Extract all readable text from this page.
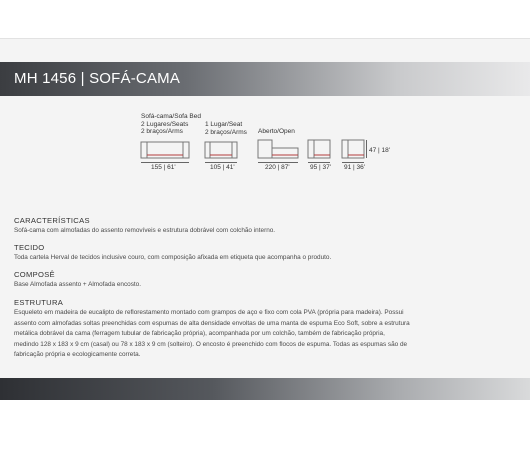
MH 1456 | SOFÁ-CAMA
Sofá-cama/Sofa Bed
2 Lugares/Seats
2 braços/Arms
155 | 61'
1 Lugar/Seat
2 braços/Arms
105 | 41'
Aberto/Open
220 | 87'	95 | 37' 91 | 36'
47 | 18'
CARACTERÍSTICAS

Sofá-cama com almofadas do assento removíveis e estrutura dobrável com colchão interno.

TECIDO

Toda cartela Herval de tecidos inclusive couro, com composição afixada em etiqueta que acompanha o produto.

COMPOSÊ

Base Almofada assento + Almofada encosto.

ESTRUTURA

Esqueleto em madeira de eucalipto de reflorestamento montado com grampos de aço e fixo com cola PVA (própria para madeira). Possui
assento com almofadas soltas preenchidas com espumas de alta densidade envoltas de uma manta de espuma Eco Soft, sobre a estrutura
metálica dobrável da cama (ferragem tubular de fabricação própria), acompanhada por um colchão, também de fabricação própria,
medindo 128 x 183 x 9 cm (casal) ou 78 x 183 x 9 cm (solteiro). O encosto é preenchido com flocos de espuma. Todas as espumas são de
fabricação própria e ecologicamente correta.
